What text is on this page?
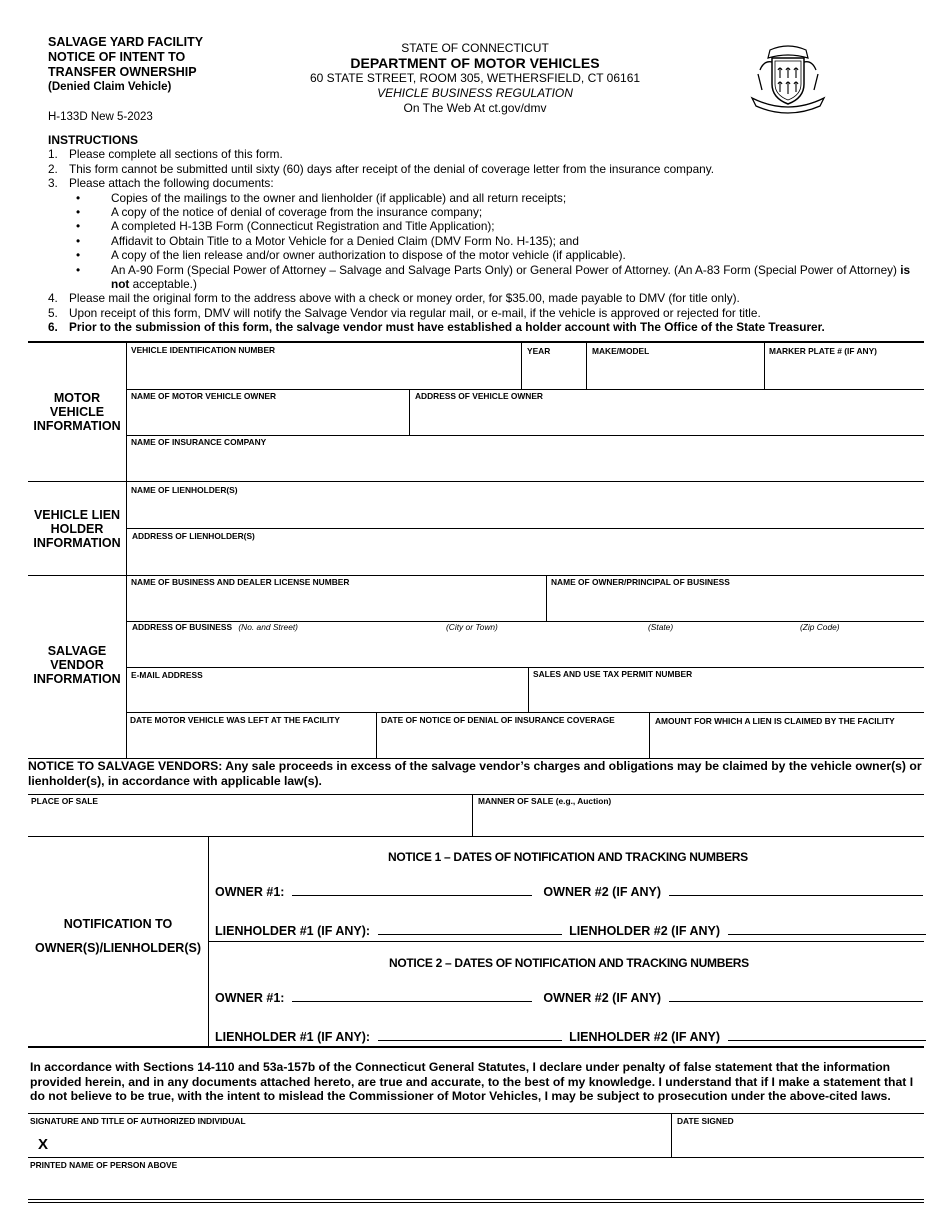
SALVAGE YARD FACILITY
NOTICE OF INTENT TO
TRANSFER OWNERSHIP
(Denied Claim Vehicle)
H-133D New 5-2023
STATE OF CONNECTICUT
DEPARTMENT OF MOTOR VEHICLES
60 STATE STREET, ROOM 305, WETHERSFIELD, CT 06161
VEHICLE BUSINESS REGULATION
On The Web At ct.gov/dmv
INSTRUCTIONS
1. Please complete all sections of this form.
2. This form cannot be submitted until sixty (60) days after receipt of the denial of coverage letter from the insurance company.
3. Please attach the following documents:
•	Copies of the mailings to the owner and lienholder (if applicable) and all return receipts;
•	A copy of the notice of denial of coverage from the insurance company;
•	A completed H-13B Form (Connecticut Registration and Title Application);
•	Affidavit to Obtain Title to a Motor Vehicle for a Denied Claim (DMV Form No. H-135); and
•	A copy of the lien release and/or owner authorization to dispose of the motor vehicle (if applicable).
•	An A-90 Form (Special Power of Attorney – Salvage and Salvage Parts Only) or General Power of Attorney. (An A-83 Form (Special Power of Attorney) is not acceptable.)
4. Please mail the original form to the address above with a check or money order, for $35.00, made payable to DMV (for title only).
5. Upon receipt of this form, DMV will notify the Salvage Vendor via regular mail, or e-mail, if the vehicle is approved or rejected for title.
6. Prior to the submission of this form, the salvage vendor must have established a holder account with The Office of the State Treasurer.
MOTOR
VEHICLE
INFORMATION
VEHICLE LIEN
HOLDER
INFORMATION
SALVAGE
VENDOR
INFORMATION
VEHICLE IDENTIFICATION NUMBER	YEAR	MAKE/MODEL	MARKER PLATE # (IF ANY)
NAME OF MOTOR VEHICLE OWNER	ADDRESS OF VEHICLE OWNER
NAME OF INSURANCE COMPANY
NAME OF LIENHOLDER(S)
ADDRESS OF LIENHOLDER(S)
NAME OF BUSINESS AND DEALER LICENSE NUMBER	NAME OF OWNER/PRINCIPAL OF BUSINESS
ADDRESS OF BUSINESS (No. and Street)	(City or Town)	(State)	(Zip Code)
E-MAIL ADDRESS	SALES AND USE TAX PERMIT NUMBER
DATE MOTOR VEHICLE WAS LEFT AT THE FACILITY	DATE OF NOTICE OF DENIAL OF INSURANCE COVERAGE	AMOUNT FOR WHICH A LIEN IS CLAIMED BY THE FACILITY
NOTICE TO SALVAGE VENDORS: Any sale proceeds in excess of the salvage vendor’s charges and obligations may be claimed by the vehicle owner(s) or lienholder(s), in accordance with applicable law(s).
PLACE OF SALE	MANNER OF SALE (e.g., Auction)
NOTIFICATION TO
OWNER(S)/LIENHOLDER(S)
NOTICE 1 – DATES OF NOTIFICATION AND TRACKING NUMBERS
OWNER #1:	OWNER #2 (IF ANY)
LIENHOLDER #1 (IF ANY):	LIENHOLDER #2 (IF ANY)
NOTICE 2 – DATES OF NOTIFICATION AND TRACKING NUMBERS
OWNER #1:	OWNER #2 (IF ANY)
LIENHOLDER #1 (IF ANY):	LIENHOLDER #2 (IF ANY)
In accordance with Sections 14-110 and 53a-157b of the Connecticut General Statutes, I declare under penalty of false statement that the information provided herein, and in any documents attached hereto, are true and accurate, to the best of my knowledge. I understand that if I make a statement that I do not believe to be true, with the intent to mislead the Commissioner of Motor Vehicles, I may be subject to prosecution under the above-cited laws.
SIGNATURE AND TITLE OF AUTHORIZED INDIVIDUAL
X
DATE SIGNED
PRINTED NAME OF PERSON ABOVE
